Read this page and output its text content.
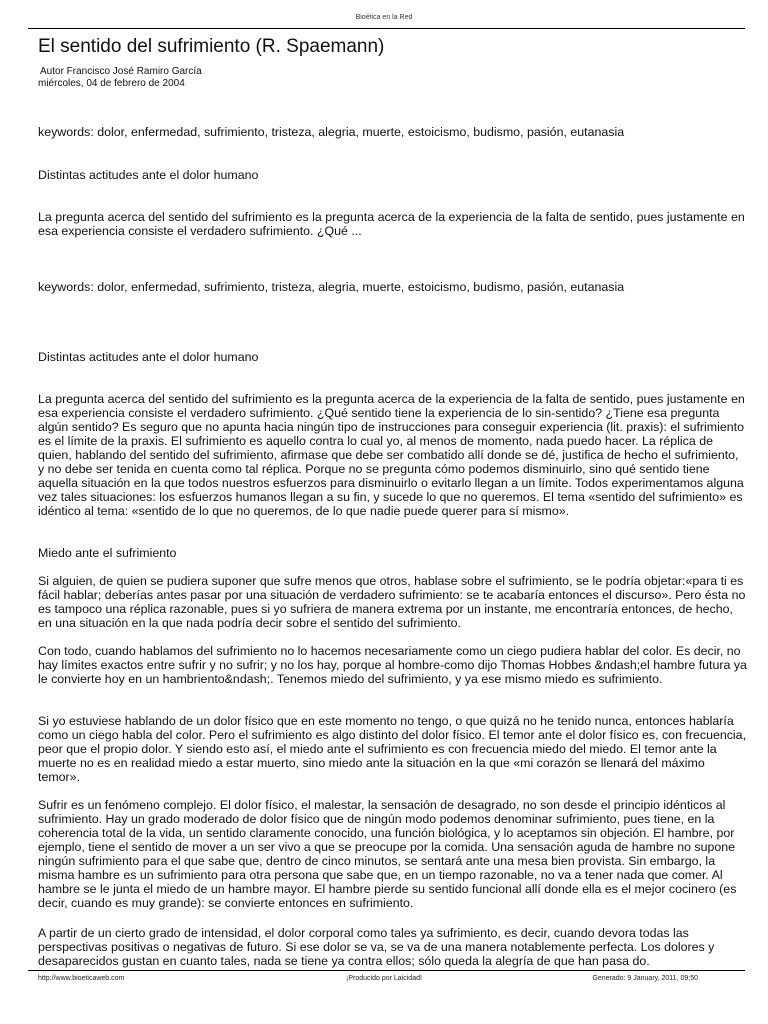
Bioética en la Red
El sentido del sufrimiento (R. Spaemann)
Autor Francisco José Ramiro García
miércoles, 04 de febrero de 2004

keywords: dolor, enfermedad, sufrimiento, tristeza, alegria, muerte, estoicismo, budismo, pasión, eutanasia

Distintas actitudes ante el dolor humano

La pregunta acerca del sentido del sufrimiento es la pregunta acerca de la experiencia de la falta de sentido, pues justamente en esa experiencia consiste el verdadero sufrimiento. ¿Qué ...

keywords: dolor, enfermedad, sufrimiento, tristeza, alegria, muerte, estoicismo, budismo, pasión, eutanasia

Distintas actitudes ante el dolor humano

La pregunta acerca del sentido del sufrimiento es la pregunta acerca de la experiencia de la falta de sentido, pues justamente en esa experiencia consiste el verdadero sufrimiento. ¿Qué sentido tiene la experiencia de lo sin-sentido? ¿Tiene esa pregunta algún sentido? Es seguro que no apunta hacia ningún tipo de instrucciones para conseguir experiencia (lit. praxis): el sufrimiento es el límite de la praxis. El sufrimiento es aquello contra lo cual yo, al menos de momento, nada puedo hacer. La réplica de quien, hablando del sentido del sufrimiento, afirmase que debe ser combatido allí donde se dé, justifica de hecho el sufrimiento, y no debe ser tenida en cuenta como tal réplica. Porque no se pregunta cómo podemos disminuirlo, sino qué sentido tiene aquella situación en la que todos nuestros esfuerzos para disminuirlo o evitarlo llegan a un límite. Todos experimentamos alguna vez tales situaciones: los esfuerzos humanos llegan a su fin, y sucede lo que no queremos. El tema «sentido del sufrimiento» es idéntico al tema: «sentido de lo que no queremos, de lo que nadie puede querer para sí mismo».

Miedo ante el sufrimiento

Si alguien, de quien se pudiera suponer que sufre menos que otros, hablase sobre el sufrimiento, se le podría objetar:«para ti es fácil hablar; deberías antes pasar por una situación de verdadero sufrimiento: se te acabaría entonces el discurso». Pero ésta no es tampoco una réplica razonable, pues si yo sufriera de manera extrema por un instante, me encontraría entonces, de hecho, en una situación en la que nada podría decir sobre el sentido del sufrimiento.

Con todo, cuando hablamos del sufrimiento no lo hacemos necesariamente como un ciego pudiera hablar del color. Es decir, no hay límites exactos entre sufrir y no sufrir; y no los hay, porque al hombre-como dijo Thomas Hobbes &ndash;el hambre futura ya le convierte hoy en un hambriento&ndash;. Tenemos miedo del sufrimiento, y ya ese mismo miedo es sufrimiento.

Si yo estuviese hablando de un dolor físico que en este momento no tengo, o que quizá no he tenido nunca, entonces hablaría como un ciego habla del color. Pero el sufrimiento es algo distinto del dolor físico. El temor ante el dolor físico es, con frecuencia, peor que el propio dolor. Y siendo esto así, el miedo ante el sufrimiento es con frecuencia miedo del miedo. El temor ante la muerte no es en realidad miedo a estar muerto, sino miedo ante la situación en la que «mi corazón se llenará del máximo temor».

Sufrir es un fenómeno complejo. El dolor físico, el malestar, la sensación de desagrado, no son desde el principio idénticos al sufrimiento. Hay un grado moderado de dolor físico que de ningún modo podemos denominar sufrimiento, pues tiene, en la coherencia total de la vida, un sentido claramente conocido, una función biológica, y lo aceptamos sin objeción. El hambre, por ejemplo, tiene el sentido de mover a un ser vivo a que se preocupe por la comida. Una sensación aguda de hambre no supone ningún sufrimiento para el que sabe que, dentro de cinco minutos, se sentará ante una mesa bien provista. Sin embargo, la misma hambre es un sufrimiento para otra persona que sabe que, en un tiempo razonable, no va a tener nada que comer. Al hambre se le junta el miedo de un hambre mayor. El hambre pierde su sentido funcional allí donde ella es el mejor cocinero (es decir, cuando es muy grande): se convierte entonces en sufrimiento.

A partir de un cierto grado de intensidad, el dolor corporal como tales ya sufrimiento, es decir, cuando devora todas las perspectivas positivas o negativas de futuro. Si ese dolor se va, se va de una manera notablemente perfecta. Los dolores y desaparecidos gustan en cuanto tales, nada se tiene ya contra ellos; sólo queda la alegría de que han pasa do.

http://www.bioeticaweb.com	¡Producido por Laicidad!	Generado: 9 January, 2011, 09:50
